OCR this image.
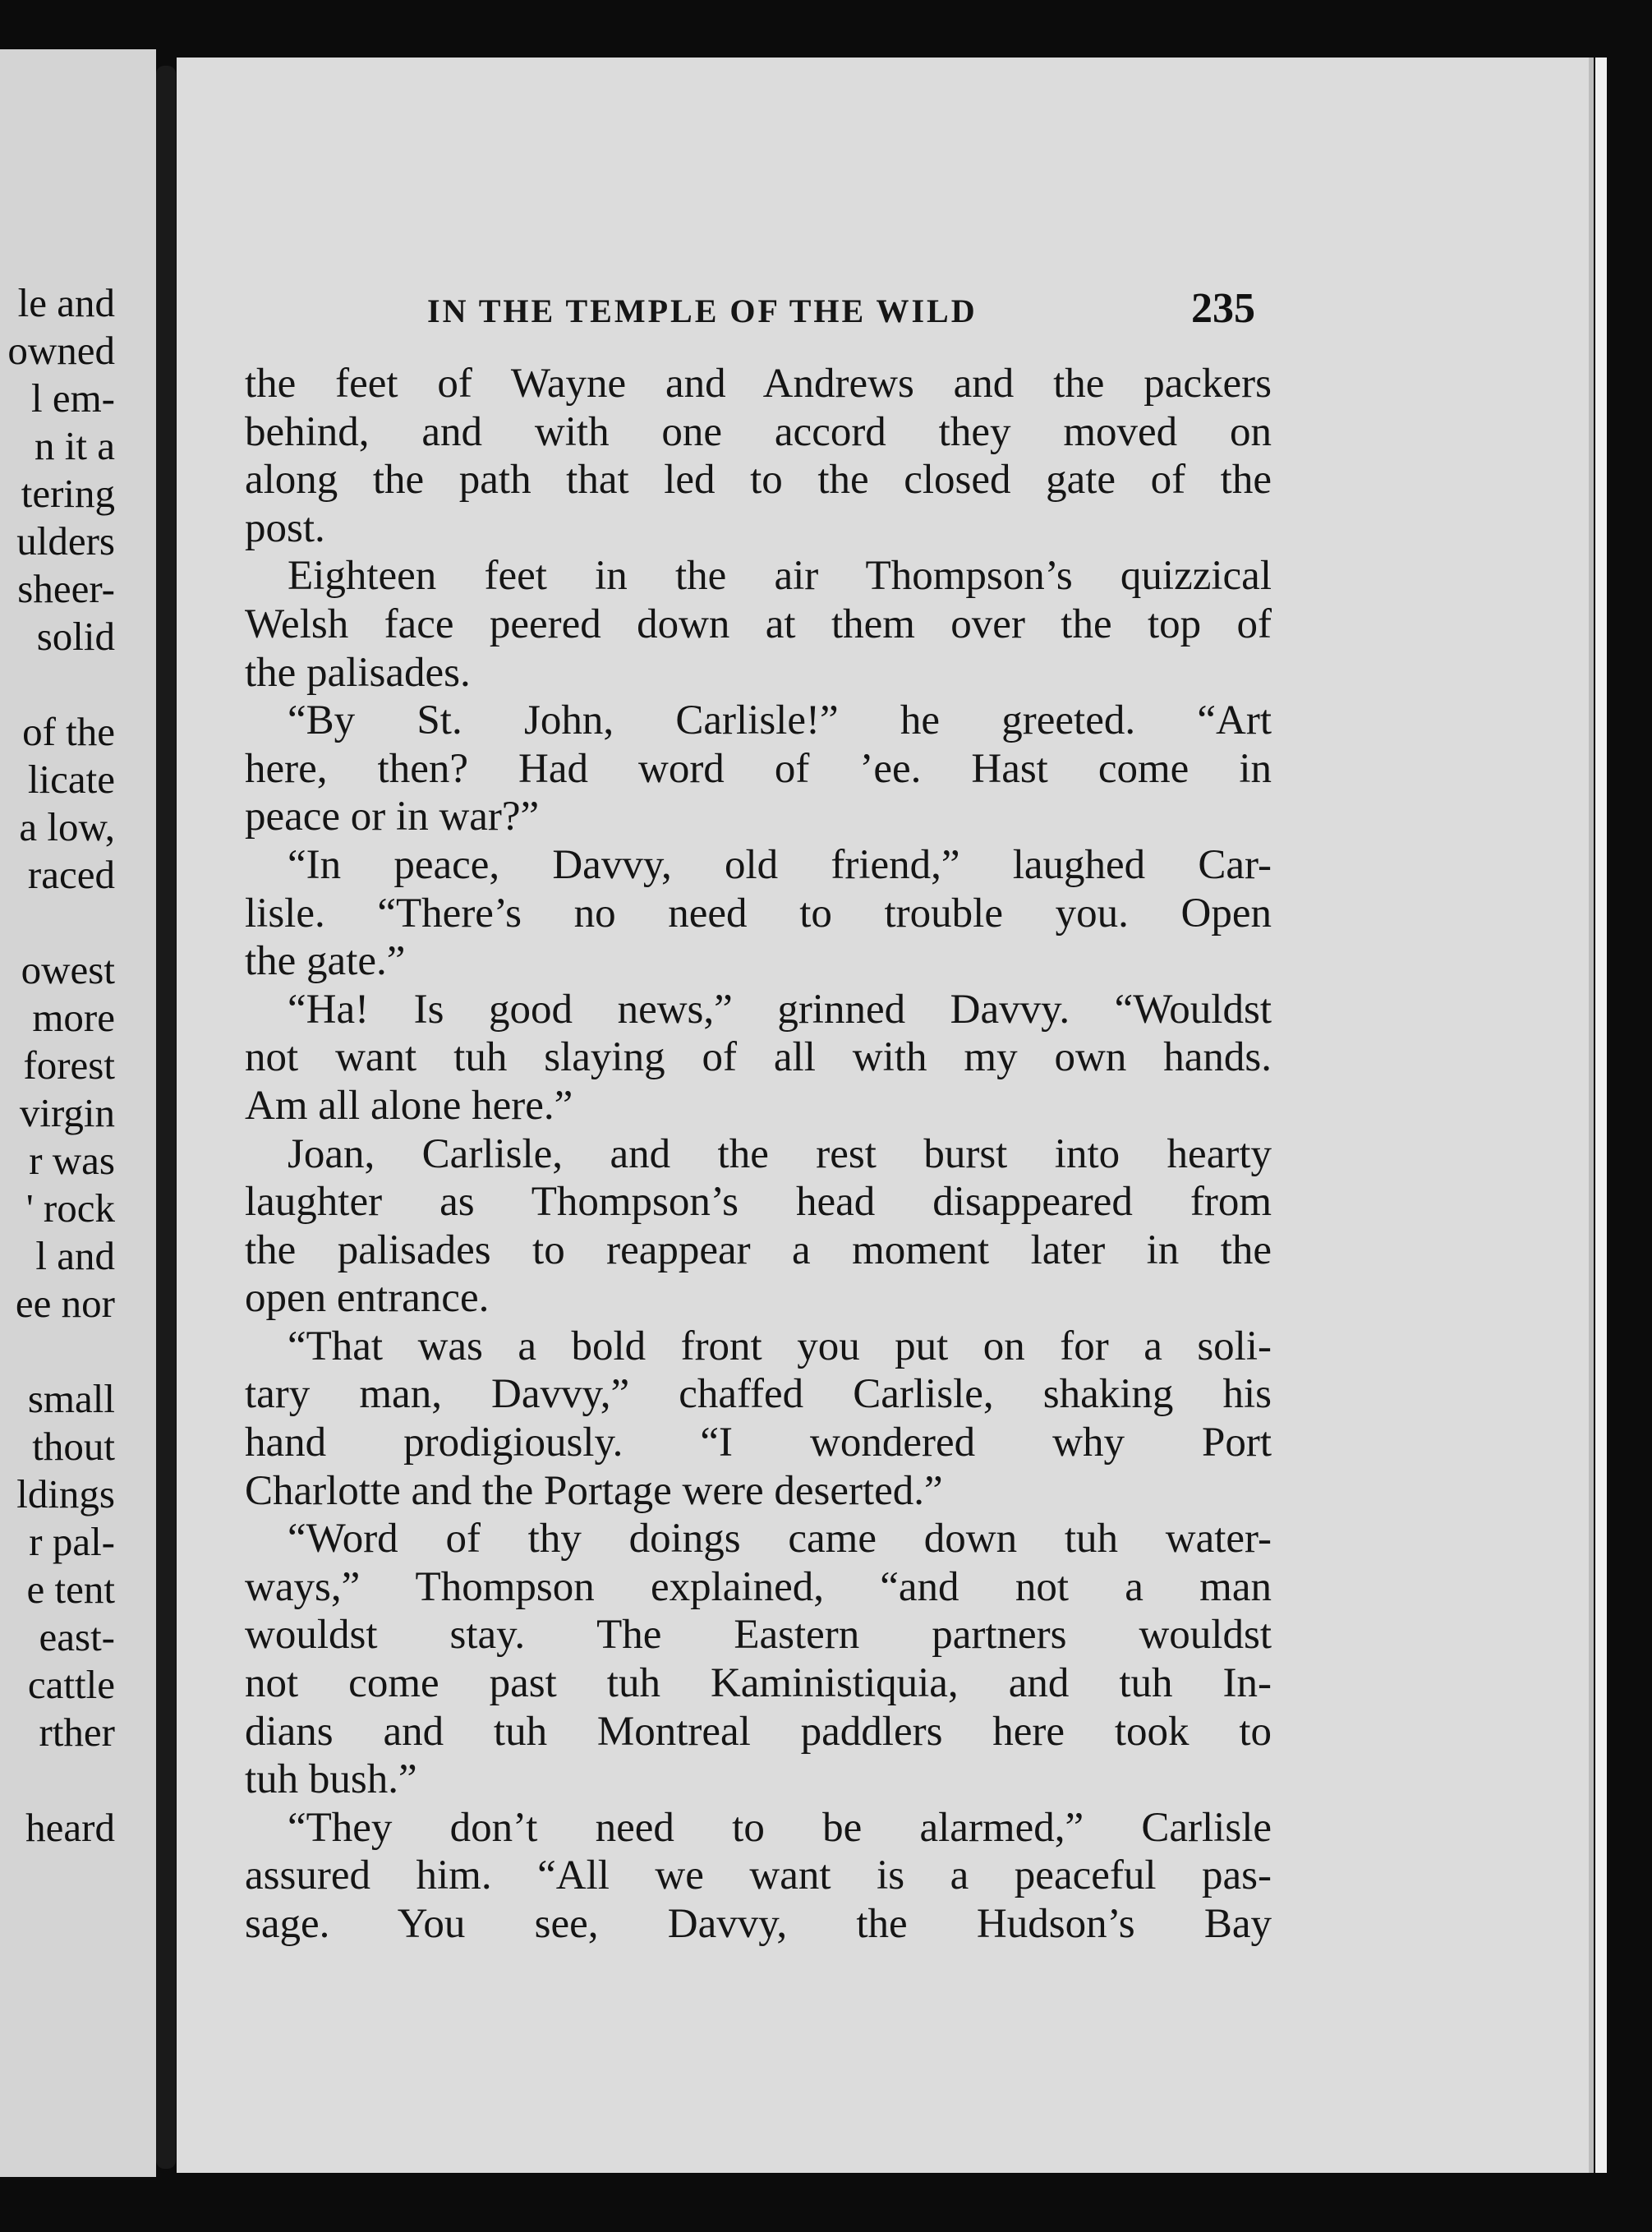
le and
owned
l em-
n it a
tering
ulders
sheer-
solid
of the
licate
a low,
raced
owest
more
forest
virgin
r was
' rock
l and
ee nor
small
thout
ldings
r pal-
e tent
east-
cattle
rther
heard
IN THE TEMPLE OF THE WILD	235
the feet of Wayne and Andrews and the packers
behind, and with one accord they moved on
along the path that led to the closed gate of the
post.
Eighteen feet in the air Thompson’s quizzical
Welsh face peered down at them over the top of
the palisades.
“By St. John, Carlisle!” he greeted. “Art
here, then? Had word of ’ee. Hast come in
peace or in war?”
“In peace, Davvy, old friend,” laughed Car-
lisle. “There’s no need to trouble you. Open
the gate.”
“Ha! Is good news,” grinned Davvy. “Wouldst
not want tuh slaying of all with my own hands.
Am all alone here.”
Joan, Carlisle, and the rest burst into hearty
laughter as Thompson’s head disappeared from
the palisades to reappear a moment later in the
open entrance.
“That was a bold front you put on for a soli-
tary man, Davvy,” chaffed Carlisle, shaking his
hand prodigiously. “I wondered why Port
Charlotte and the Portage were deserted.”
“Word of thy doings came down tuh water-
ways,” Thompson explained, “and not a man
wouldst stay. The Eastern partners wouldst
not come past tuh Kaministiquia, and tuh In-
dians and tuh Montreal paddlers here took to
tuh bush.”
“They don’t need to be alarmed,” Carlisle
assured him. “All we want is a peaceful pas-
sage. You see, Davvy, the Hudson’s Bay
